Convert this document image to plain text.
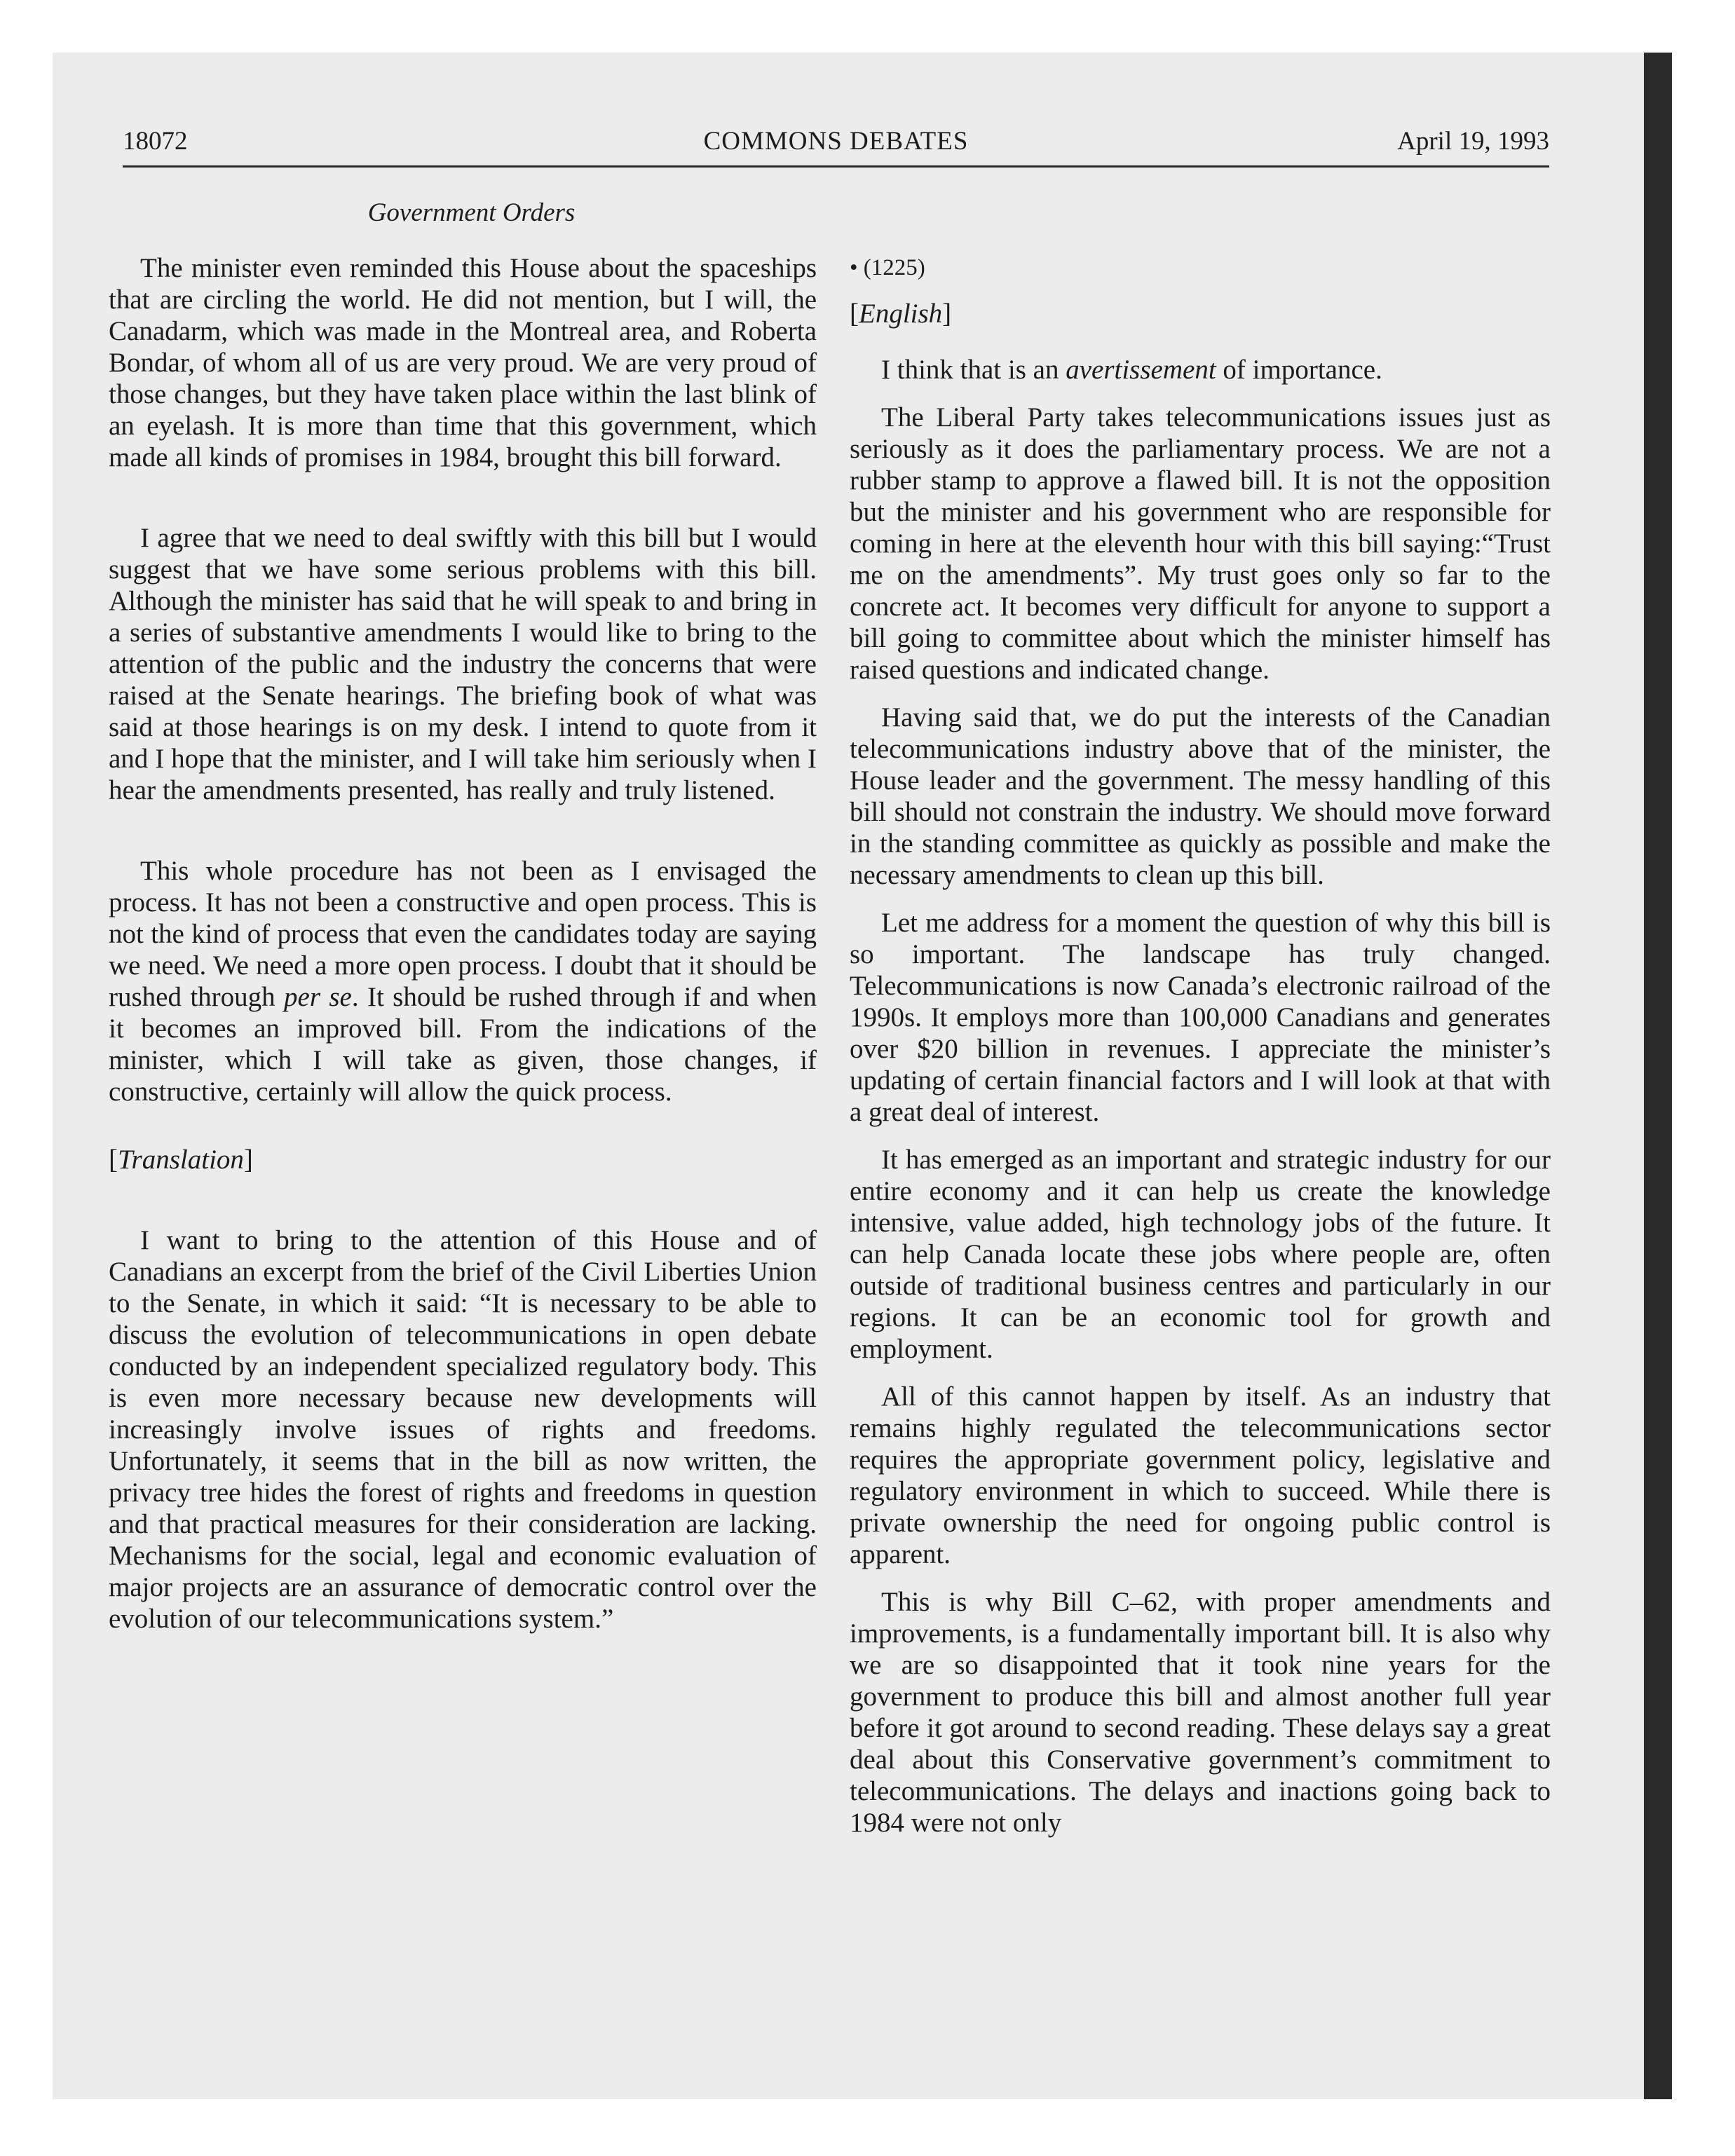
18072	COMMONS DEBATES	April 19, 1993
Government Orders

The minister even reminded this House about the spaceships that are circling the world. He did not mention, but I will, the Canadarm, which was made in the Montreal area, and Roberta Bondar, of whom all of us are very proud. We are very proud of those changes, but they have taken place within the last blink of an eyelash. It is more than time that this government, which made all kinds of promises in 1984, brought this bill forward.

I agree that we need to deal swiftly with this bill but I would suggest that we have some serious problems with this bill. Although the minister has said that he will speak to and bring in a series of substantive amendments I would like to bring to the attention of the public and the industry the concerns that were raised at the Senate hearings. The briefing book of what was said at those hearings is on my desk. I intend to quote from it and I hope that the minister, and I will take him seriously when I hear the amendments presented, has really and truly listened.

This whole procedure has not been as I envisaged the process. It has not been a constructive and open process. This is not the kind of process that even the candidates today are saying we need. We need a more open process. I doubt that it should be rushed through per se. It should be rushed through if and when it becomes an improved bill. From the indications of the minister, which I will take as given, those changes, if constructive, certainly will allow the quick process.

[Translation]

I want to bring to the attention of this House and of Canadians an excerpt from the brief of the Civil Liberties Union to the Senate, in which it said: “It is necessary to be able to discuss the evolution of telecommunications in open debate conducted by an independent specialized regulatory body. This is even more necessary because new developments will increasingly involve issues of rights and freedoms. Unfortunately, it seems that in the bill as now written, the privacy tree hides the forest of rights and freedoms in question and that practical measures for their consideration are lacking. Mechanisms for the social, legal and economic evaluation of major projects are an assurance of democratic control over the evolution of our telecommunications system.”

• (1225)

[English]

I think that is an avertissement of importance.

The Liberal Party takes telecommunications issues just as seriously as it does the parliamentary process. We are not a rubber stamp to approve a flawed bill. It is not the opposition but the minister and his government who are responsible for coming in here at the eleventh hour with this bill saying:“Trust me on the amendments”. My trust goes only so far to the concrete act. It becomes very difficult for anyone to support a bill going to committee about which the minister himself has raised questions and indicated change.

Having said that, we do put the interests of the Canadian telecommunications industry above that of the minister, the House leader and the government. The messy handling of this bill should not constrain the industry. We should move forward in the standing committee as quickly as possible and make the necessary amendments to clean up this bill.

Let me address for a moment the question of why this bill is so important. The landscape has truly changed. Telecommunications is now Canada’s electronic railroad of the 1990s. It employs more than 100,000 Canadians and generates over $20 billion in revenues. I appreciate the minister’s updating of certain financial factors and I will look at that with a great deal of interest.

It has emerged as an important and strategic industry for our entire economy and it can help us create the knowledge intensive, value added, high technology jobs of the future. It can help Canada locate these jobs where people are, often outside of traditional business centres and particularly in our regions. It can be an economic tool for growth and employment.

All of this cannot happen by itself. As an industry that remains highly regulated the telecommunications sector requires the appropriate government policy, legislative and regulatory environment in which to succeed. While there is private ownership the need for ongoing public control is apparent.

This is why Bill C–62, with proper amendments and improvements, is a fundamentally important bill. It is also why we are so disappointed that it took nine years for the government to produce this bill and almost another full year before it got around to second reading. These delays say a great deal about this Conservative government’s commitment to telecommunications. The delays and inactions going back to 1984 were not only
